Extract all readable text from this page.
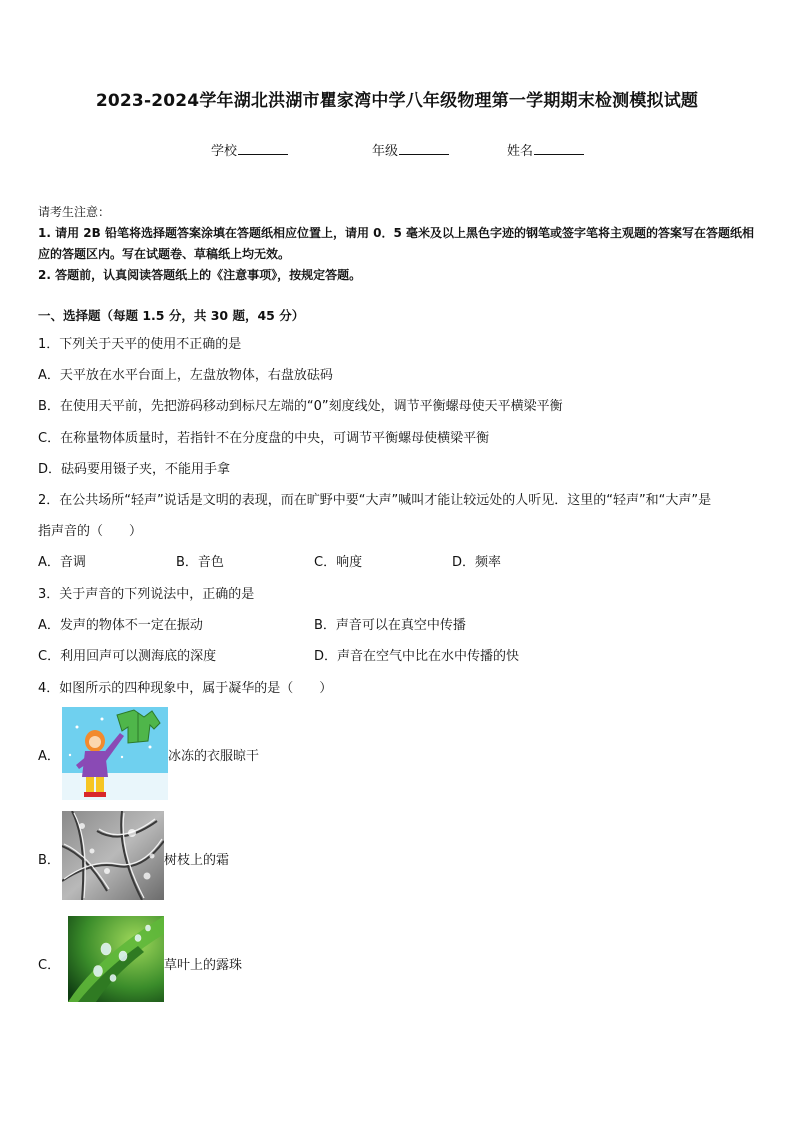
2023-2024学年湖北洪湖市瞿家湾中学八年级物理第一学期期末检测模拟试题
学校	年级	姓名
请考生注意：
1. 请用 2B 铅笔将选择题答案涂填在答题纸相应位置上，请用 0．5 毫米及以上黑色字迹的钢笔或签字笔将主观题的答案写在答题纸相应的答题区内。写在试题卷、草稿纸上均无效。
2. 答题前，认真阅读答题纸上的《注意事项》，按规定答题。
一、选择题（每题 1.5 分，共 30 题，45 分）
1．下列关于天平的使用不正确的是
A．天平放在水平台面上，左盘放物体，右盘放砝码
B．在使用天平前，先把游码移动到标尺左端的“0”刻度线处，调节平衡螺母使天平横梁平衡
C．在称量物体质量时，若指针不在分度盘的中央，可调节平衡螺母使横梁平衡
D．砝码要用镊子夹，不能用手拿
2．在公共场所“轻声”说话是文明的表现，而在旷野中要“大声”喊叫才能让较远处的人听见．这里的“轻声”和“大声”是
指声音的（　　）
A．音调	B．音色	C．响度	D．频率
3．关于声音的下列说法中，正确的是
A．发声的物体不一定在振动	B．声音可以在真空中传播
C．利用回声可以测海底的深度	D．声音在空气中比在水中传播的快
4．如图所示的四种现象中，属于凝华的是（　　）
A．	冰冻的衣服晾干
B．	树枝上的霜
C．	草叶上的露珠
